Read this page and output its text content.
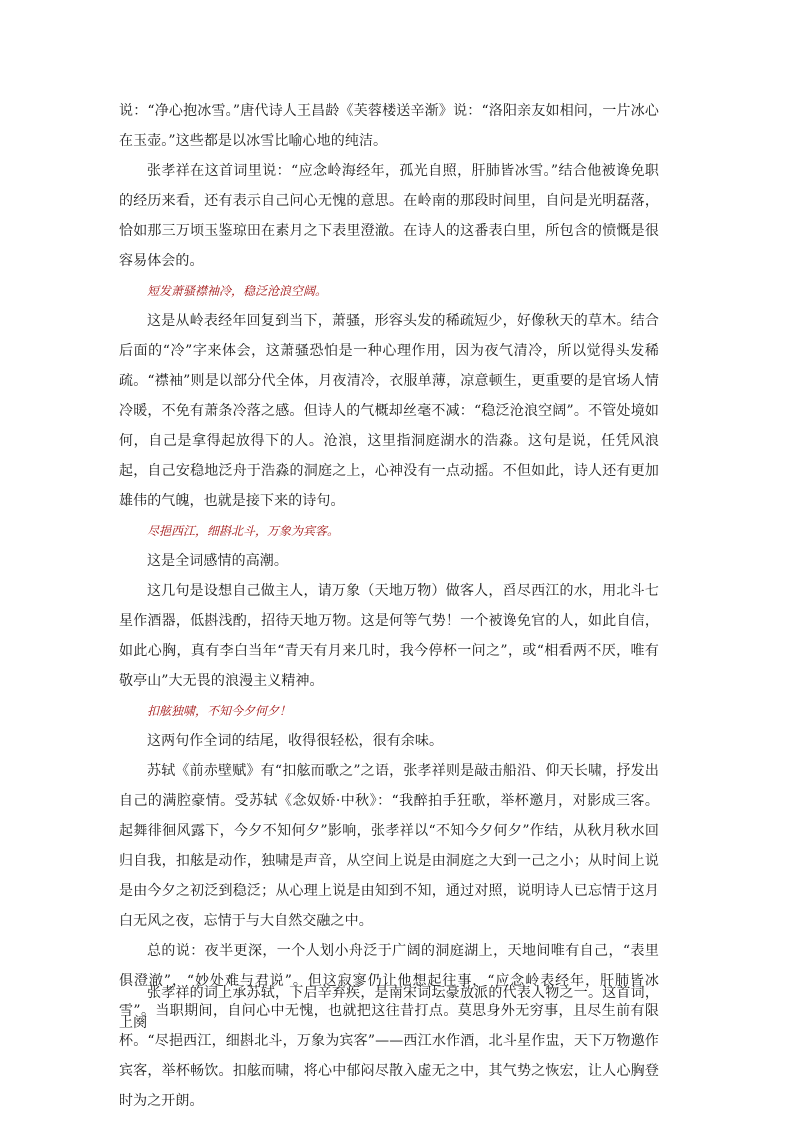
说：“净心抱冰雪。”唐代诗人王昌龄《芙蓉楼送辛渐》说：“洛阳亲友如相问，一片冰心在玉壶。”这些都是以冰雪比喻心地的纯洁。

张孝祥在这首词里说：“应念岭海经年，孤光自照，肝肺皆冰雪。”结合他被谗免职的经历来看，还有表示自己问心无愧的意思。在岭南的那段时间里，自问是光明磊落，恰如那三万顷玉鉴琼田在素月之下表里澄澈。在诗人的这番表白里，所包含的愤慨是很容易体会的。

短发萧骚襟袖冷，稳泛沧浪空阔。

这是从岭表经年回复到当下，萧骚，形容头发的稀疏短少，好像秋天的草木。结合后面的“冷”字来体会，这萧骚恐怕是一种心理作用，因为夜气清冷，所以觉得头发稀疏。“襟袖”则是以部分代全体，月夜清冷，衣服单薄，凉意顿生，更重要的是官场人情冷暖，不免有萧条冷落之感。但诗人的气概却丝毫不减：“稳泛沧浪空阔”。不管处境如何，自己是拿得起放得下的人。沧浪，这里指洞庭湖水的浩淼。这句是说，任凭风浪起，自己安稳地泛舟于浩淼的洞庭之上，心神没有一点动摇。不但如此，诗人还有更加雄伟的气魄，也就是接下来的诗句。

尽挹西江，细斟北斗，万象为宾客。

这是全词感情的高潮。

这几句是设想自己做主人，请万象（天地万物）做客人，舀尽西江的水，用北斗七星作酒器，低斟浅酌，招待天地万物。这是何等气势！一个被谗免官的人，如此自信，如此心胸，真有李白当年“青天有月来几时，我今停杯一问之”，或“相看两不厌，唯有敬亭山”大无畏的浪漫主义精神。

扣舷独啸，不知今夕何夕！

这两句作全词的结尾，收得很轻松，很有余味。

苏轼《前赤壁赋》有“扣舷而歌之”之语，张孝祥则是敲击船沿、仰天长啸，抒发出自己的满腔豪情。受苏轼《念奴娇·中秋》：“我醉拍手狂歌，举杯邀月，对影成三客。起舞徘徊风露下，今夕不知何夕”影响，张孝祥以“不知今夕何夕”作结，从秋月秋水回归自我，扣舷是动作，独啸是声音，从空间上说是由洞庭之大到一己之小；从时间上说是由今夕之初泛到稳泛；从心理上说是由知到不知，通过对照，说明诗人已忘情于这月白无风之夜，忘情于与大自然交融之中。

总的说：夜半更深，一个人划小舟泛于广阔的洞庭湖上，天地间唯有自己，“表里俱澄澈”，“妙处难与君说”。但这寂寥仍让他想起往事，“应念岭表经年，肝肺皆冰雪”。当职期间，自问心中无愧，也就把这往昔打点。莫思身外无穷事，且尽生前有限杯。“尽挹西江，细斟北斗，万象为宾客”——西江水作酒，北斗星作盅，天下万物邀作宾客，举杯畅饮。扣舷而啸，将心中郁闷尽散入虚无之中，其气势之恢宏，让人心胸登时为之开朗。

张孝祥的词上承苏轼，下启辛弃疾，是南宋词坛豪放派的代表人物之一。这首词，上阕
